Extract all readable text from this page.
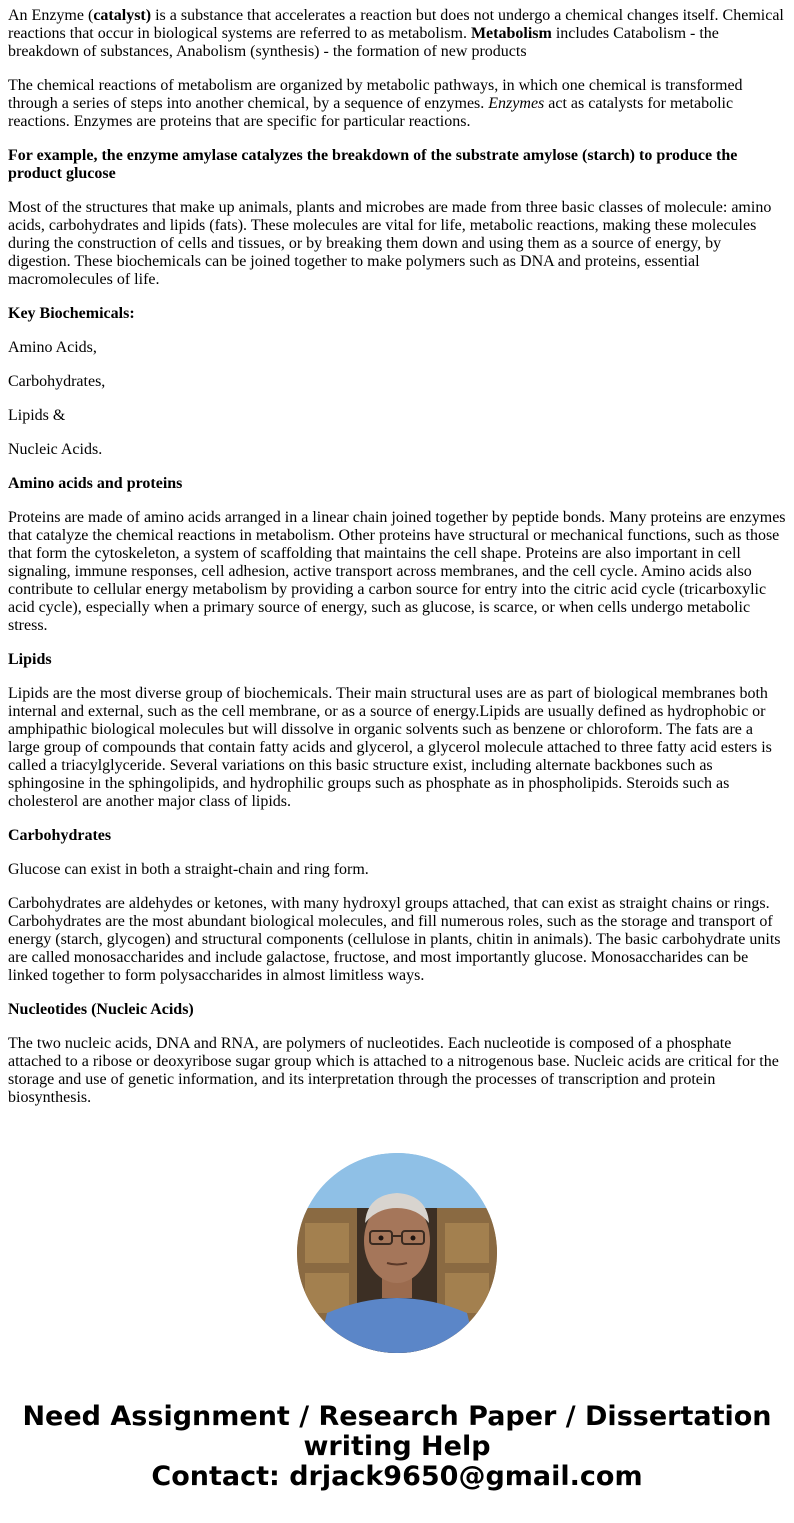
An Enzyme (catalyst) is a substance that accelerates a reaction but does not undergo a chemical changes itself. Chemical reactions that occur in biological systems are referred to as metabolism. Metabolism includes Catabolism - the breakdown of substances, Anabolism (synthesis) - the formation of new products

The chemical reactions of metabolism are organized by metabolic pathways, in which one chemical is transformed through a series of steps into another chemical, by a sequence of enzymes. Enzymes act as catalysts for metabolic reactions. Enzymes are proteins that are specific for particular reactions.

For example, the enzyme amylase catalyzes the breakdown of the substrate amylose (starch) to produce the product glucose

Most of the structures that make up animals, plants and microbes are made from three basic classes of molecule: amino acids, carbohydrates and lipids (fats). These molecules are vital for life, metabolic reactions, making these molecules during the construction of cells and tissues, or by breaking them down and using them as a source of energy, by digestion. These biochemicals can be joined together to make polymers such as DNA and proteins, essential macromolecules of life.

Key Biochemicals:

Amino Acids,

Carbohydrates,

Lipids &

Nucleic Acids.

Amino acids and proteins

Proteins are made of amino acids arranged in a linear chain joined together by peptide bonds. Many proteins are enzymes that catalyze the chemical reactions in metabolism. Other proteins have structural or mechanical functions, such as those that form the cytoskeleton, a system of scaffolding that maintains the cell shape. Proteins are also important in cell signaling, immune responses, cell adhesion, active transport across membranes, and the cell cycle. Amino acids also contribute to cellular energy metabolism by providing a carbon source for entry into the citric acid cycle (tricarboxylic acid cycle), especially when a primary source of energy, such as glucose, is scarce, or when cells undergo metabolic stress.

Lipids

Lipids are the most diverse group of biochemicals. Their main structural uses are as part of biological membranes both internal and external, such as the cell membrane, or as a source of energy.Lipids are usually defined as hydrophobic or amphipathic biological molecules but will dissolve in organic solvents such as benzene or chloroform. The fats are a large group of compounds that contain fatty acids and glycerol, a glycerol molecule attached to three fatty acid esters is called a triacylglyceride. Several variations on this basic structure exist, including alternate backbones such as sphingosine in the sphingolipids, and hydrophilic groups such as phosphate as in phospholipids. Steroids such as cholesterol are another major class of lipids.

Carbohydrates

Glucose can exist in both a straight-chain and ring form.

Carbohydrates are aldehydes or ketones, with many hydroxyl groups attached, that can exist as straight chains or rings. Carbohydrates are the most abundant biological molecules, and fill numerous roles, such as the storage and transport of energy (starch, glycogen) and structural components (cellulose in plants, chitin in animals). The basic carbohydrate units are called monosaccharides and include galactose, fructose, and most importantly glucose. Monosaccharides can be linked together to form polysaccharides in almost limitless ways.

Nucleotides (Nucleic Acids)

The two nucleic acids, DNA and RNA, are polymers of nucleotides. Each nucleotide is composed of a phosphate attached to a ribose or deoxyribose sugar group which is attached to a nitrogenous base. Nucleic acids are critical for the storage and use of genetic information, and its interpretation through the processes of transcription and protein biosynthesis.

Need Assignment / Research Paper / Dissertation
writing Help
Contact: drjack9650@gmail.com
